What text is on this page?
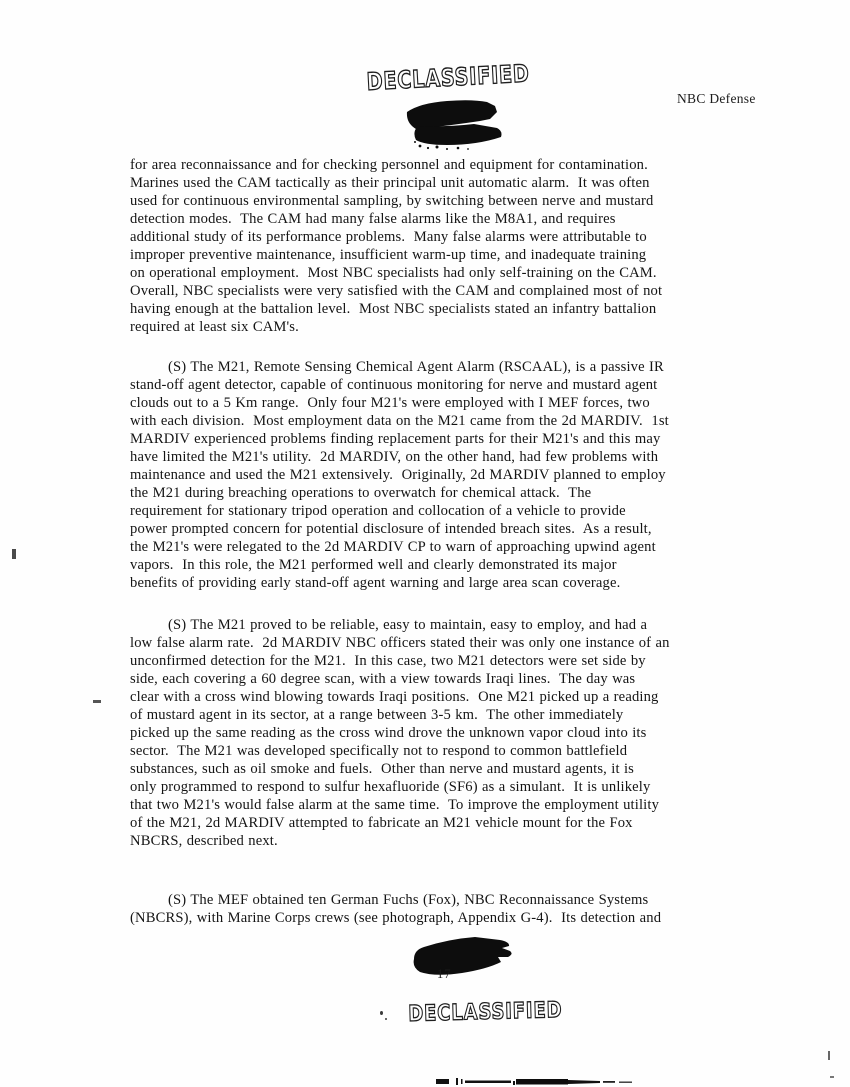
DECLASSIFIED
NBC Defense
for area reconnaissance and for checking personnel and equipment for contamination.
Marines used the CAM tactically as their principal unit automatic alarm.  It was often
used for continuous environmental sampling, by switching between nerve and mustard
detection modes.  The CAM had many false alarms like the M8A1, and requires
additional study of its performance problems.  Many false alarms were attributable to
improper preventive maintenance, insufficient warm-up time, and inadequate training
on operational employment.  Most NBC specialists had only self-training on the CAM.
Overall, NBC specialists were very satisfied with the CAM and complained most of not
having enough at the battalion level.  Most NBC specialists stated an infantry battalion
required at least six CAM's.
(S) The M21, Remote Sensing Chemical Agent Alarm (RSCAAL), is a passive IR
stand-off agent detector, capable of continuous monitoring for nerve and mustard agent
clouds out to a 5 Km range.  Only four M21's were employed with I MEF forces, two
with each division.  Most employment data on the M21 came from the 2d MARDIV.  1st
MARDIV experienced problems finding replacement parts for their M21's and this may
have limited the M21's utility.  2d MARDIV, on the other hand, had few problems with
maintenance and used the M21 extensively.  Originally, 2d MARDIV planned to employ
the M21 during breaching operations to overwatch for chemical attack.  The
requirement for stationary tripod operation and collocation of a vehicle to provide
power prompted concern for potential disclosure of intended breach sites.  As a result,
the M21's were relegated to the 2d MARDIV CP to warn of approaching upwind agent
vapors.  In this role, the M21 performed well and clearly demonstrated its major
benefits of providing early stand-off agent warning and large area scan coverage.
(S) The M21 proved to be reliable, easy to maintain, easy to employ, and had a
low false alarm rate.  2d MARDIV NBC officers stated their was only one instance of an
unconfirmed detection for the M21.  In this case, two M21 detectors were set side by
side, each covering a 60 degree scan, with a view towards Iraqi lines.  The day was
clear with a cross wind blowing towards Iraqi positions.  One M21 picked up a reading
of mustard agent in its sector, at a range between 3-5 km.  The other immediately
picked up the same reading as the cross wind drove the unknown vapor cloud into its
sector.  The M21 was developed specifically not to respond to common battlefield
substances, such as oil smoke and fuels.  Other than nerve and mustard agents, it is
only programmed to respond to sulfur hexafluoride (SF6) as a simulant.  It is unlikely
that two M21's would false alarm at the same time.  To improve the employment utility
of the M21, 2d MARDIV attempted to fabricate an M21 vehicle mount for the Fox
NBCRS, described next.
(S) The MEF obtained ten German Fuchs (Fox), NBC Reconnaissance Systems
(NBCRS), with Marine Corps crews (see photograph, Appendix G-4).  Its detection and
17
DECLASSIFIED
